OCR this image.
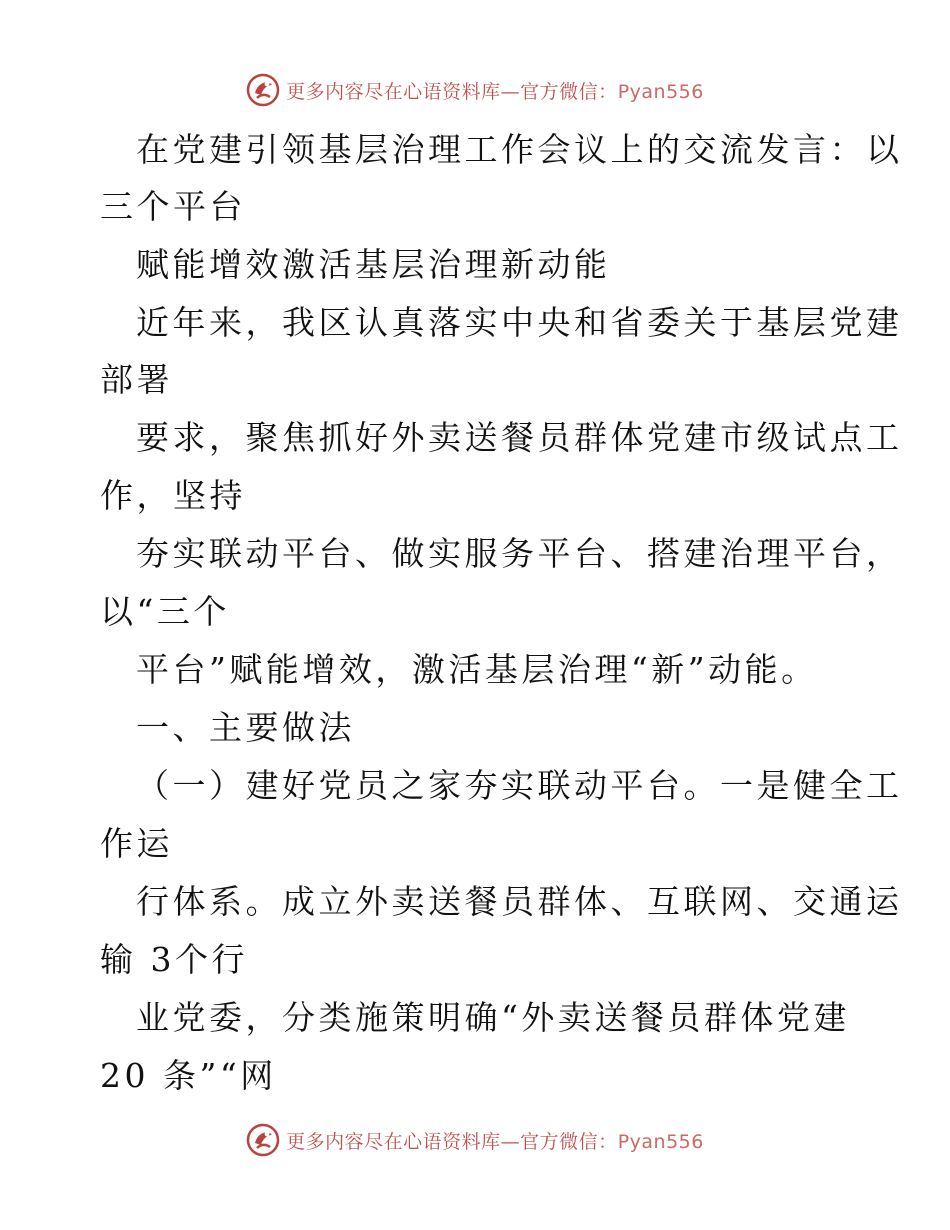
更多内容尽在心语资料库—官方微信：Pyan556
在党建引领基层治理工作会议上的交流发言：以
三个平台
赋能增效激活基层治理新动能
近年来，我区认真落实中央和省委关于基层党建
部署
要求，聚焦抓好外卖送餐员群体党建市级试点工
作，坚持
夯实联动平台、做实服务平台、搭建治理平台，
以“三个
平台”赋能增效，激活基层治理“新”动能。
一、主要做法
（一）建好党员之家夯实联动平台。一是健全工
作运
行体系。成立外卖送餐员群体、互联网、交通运
输 3个行
业党委，分类施策明确“外卖送餐员群体党建
20 条”“网
更多内容尽在心语资料库—官方微信：Pyan556
